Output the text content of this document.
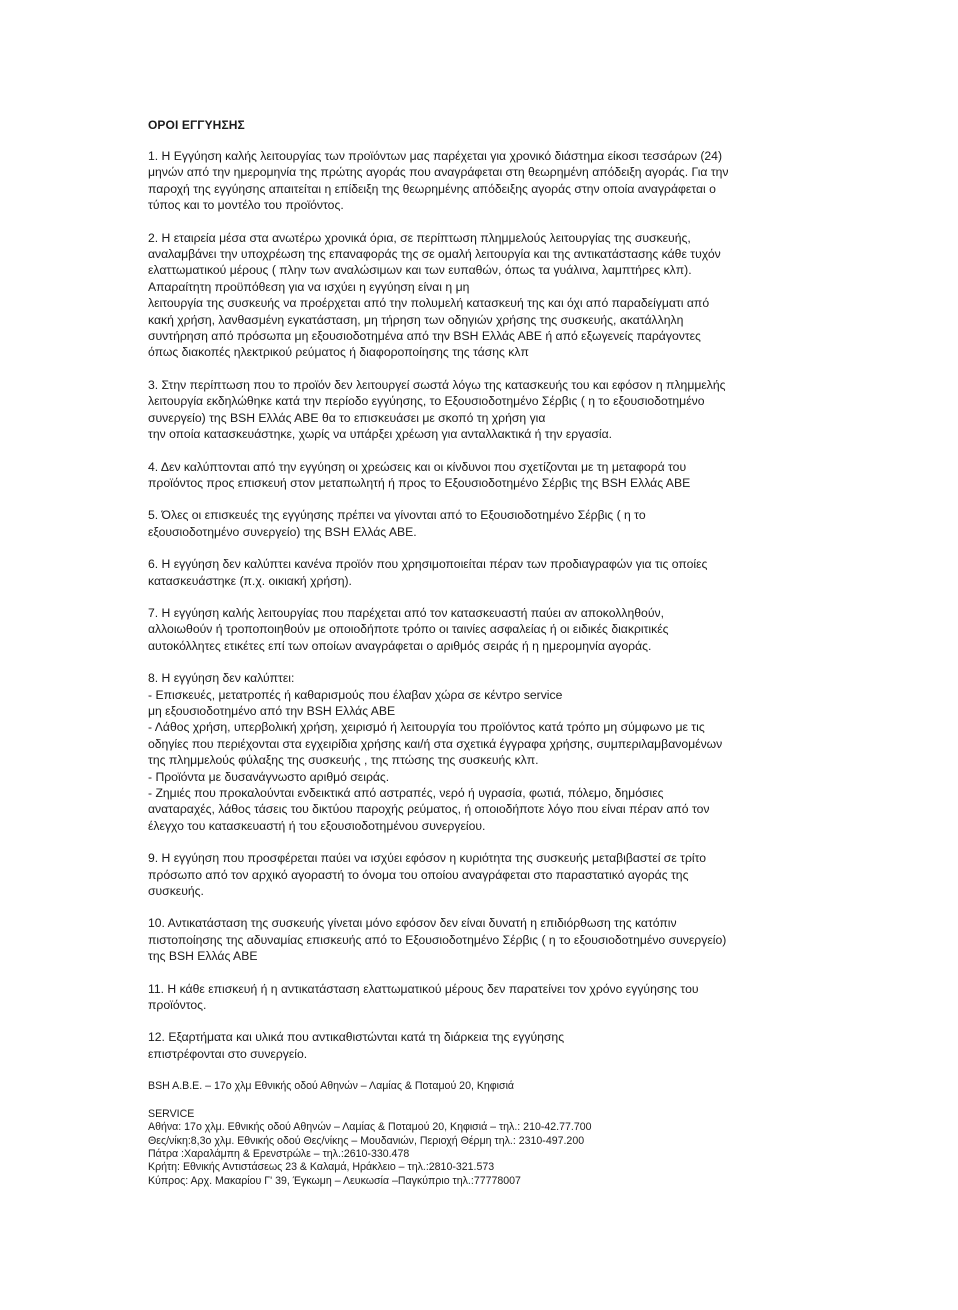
ΟΡΟΙ ΕΓΓΥΗΣΗΣ
1. Η Εγγύηση καλής λειτουργίας των προϊόντων μας παρέχεται για χρονικό διάστημα είκοσι τεσσάρων (24)
μηνών από την ημερομηνία της πρώτης αγοράς που αναγράφεται στη θεωρημένη απόδειξη αγοράς. Για την
παροχή της εγγύησης απαιτείται η επίδειξη της θεωρημένης απόδειξης αγοράς στην οποία αναγράφεται ο
τύπος και το μοντέλο του προϊόντος.
2. Η εταιρεία μέσα στα ανωτέρω χρονικά όρια, σε περίπτωση πλημμελούς λειτουργίας της συσκευής,
αναλαμβάνει την υποχρέωση της επαναφοράς της σε ομαλή λειτουργία και της αντικατάστασης κάθε τυχόν
ελαττωματικού μέρους ( πλην των αναλώσιμων και των ευπαθών, όπως τα γυάλινα, λαμπτήρες κλπ).
Απαραίτητη προϋπόθεση για να ισχύει η εγγύηση είναι η μη
λειτουργία της συσκευής να προέρχεται από την πολυμελή κατασκευή της και όχι από παραδείγματι από
κακή χρήση, λανθασμένη εγκατάσταση, μη τήρηση των οδηγιών χρήσης της συσκευής, ακατάλληλη
συντήρηση από πρόσωπα μη εξουσιοδοτημένα από την BSH Ελλάς ΑΒΕ ή από εξωγενείς παράγοντες
όπως διακοπές ηλεκτρικού ρεύματος ή διαφοροποίησης της τάσης κλπ
3. Στην περίπτωση που το προϊόν δεν λειτουργεί σωστά λόγω της κατασκευής του και εφόσον η πλημμελής
λειτουργία εκδηλώθηκε κατά την περίοδο εγγύησης, το Εξουσιοδοτημένο Σέρβις ( η το εξουσιοδοτημένο
συνεργείο) της BSH Ελλάς ΑΒΕ θα το επισκευάσει με σκοπό τη χρήση για
την οποία κατασκευάστηκε, χωρίς να υπάρξει χρέωση για ανταλλακτικά ή την εργασία.
4. Δεν καλύπτονται από την εγγύηση οι χρεώσεις και οι κίνδυνοι που σχετίζονται με τη μεταφορά του
προϊόντος προς επισκευή στον μεταπωλητή ή προς το Εξουσιοδοτημένο Σέρβις της BSH Ελλάς ΑΒΕ
5. Όλες οι επισκευές της εγγύησης πρέπει να γίνονται από το Εξουσιοδοτημένο Σέρβις ( η το
εξουσιοδοτημένο συνεργείο) της BSH Ελλάς ΑΒΕ.
6. Η εγγύηση δεν καλύπτει κανένα προϊόν που χρησιμοποιείται πέραν των προδιαγραφών για τις οποίες
κατασκευάστηκε (π.χ. οικιακή χρήση).
7. Η εγγύηση καλής λειτουργίας που παρέχεται από τον κατασκευαστή παύει αν αποκολληθούν,
αλλοιωθούν ή τροποποιηθούν με οποιοδήποτε τρόπο οι ταινίες ασφαλείας ή οι ειδικές διακριτικές
αυτοκόλλητες ετικέτες επί των οποίων αναγράφεται ο αριθμός σειράς ή η ημερομηνία αγοράς.
8. Η εγγύηση δεν καλύπτει:
- Επισκευές, μετατροπές ή καθαρισμούς που έλαβαν χώρα σε κέντρο service
μη εξουσιοδοτημένο από την BSH Ελλάς ΑΒΕ
- Λάθος χρήση, υπερβολική χρήση, χειρισμό ή λειτουργία του προϊόντος κατά τρόπο μη σύμφωνο με τις
οδηγίες που περιέχονται στα εγχειρίδια χρήσης και/ή στα σχετικά έγγραφα χρήσης, συμπεριλαμβανομένων
της πλημμελούς φύλαξης της συσκευής , της πτώσης της συσκευής κλπ.
- Προϊόντα με δυσανάγνωστο αριθμό σειράς.
- Ζημιές που προκαλούνται ενδεικτικά από αστραπές, νερό ή υγρασία, φωτιά, πόλεμο, δημόσιες
αναταραχές, λάθος τάσεις του δικτύου παροχής ρεύματος, ή οποιοδήποτε λόγο που είναι πέραν από τον
έλεγχο του κατασκευαστή ή του εξουσιοδοτημένου συνεργείου.
9. Η εγγύηση που προσφέρεται παύει να ισχύει εφόσον η κυριότητα της συσκευής μεταβιβαστεί σε τρίτο
πρόσωπο από τον αρχικό αγοραστή το όνομα του οποίου αναγράφεται στο παραστατικό αγοράς της
συσκευής.
10. Αντικατάσταση της συσκευής γίνεται μόνο εφόσον δεν είναι δυνατή η επιδιόρθωση της κατόπιν
πιστοποίησης της αδυναμίας επισκευής από το Εξουσιοδοτημένο Σέρβις ( η το εξουσιοδοτημένο συνεργείο)
της BSH Ελλάς ΑΒΕ
11. Η κάθε επισκευή ή η αντικατάσταση ελαττωματικού μέρους δεν παρατείνει τον χρόνο εγγύησης του
προϊόντος.
12. Εξαρτήματα και υλικά που αντικαθιστώνται κατά τη διάρκεια της εγγύησης
επιστρέφονται στο συνεργείο.
BSH A.B.E. – 17ο χλμ Εθνικής οδού Αθηνών – Λαμίας & Ποταμού 20, Κηφισιά
SERVICE
Αθήνα: 17ο χλμ. Εθνικής οδού Αθηνών – Λαμίας & Ποταμού 20, Κηφισιά – τηλ.: 210-42.77.700
Θες/νίκη:8,3ο χλμ. Εθνικής οδού Θες/νίκης – Μουδανιών, Περιοχή Θέρμη τηλ.: 2310-497.200
Πάτρα :Χαραλάμπη & Ερενστρώλε – τηλ.:2610-330.478
Κρήτη: Εθνικής Αντιστάσεως 23 & Καλαμά, Ηράκλειο – τηλ.:2810-321.573
Κύπρος: Αρχ. Μακαρίου Γ' 39, Έγκωμη – Λευκωσία –Παγκύπριο τηλ.:77778007
